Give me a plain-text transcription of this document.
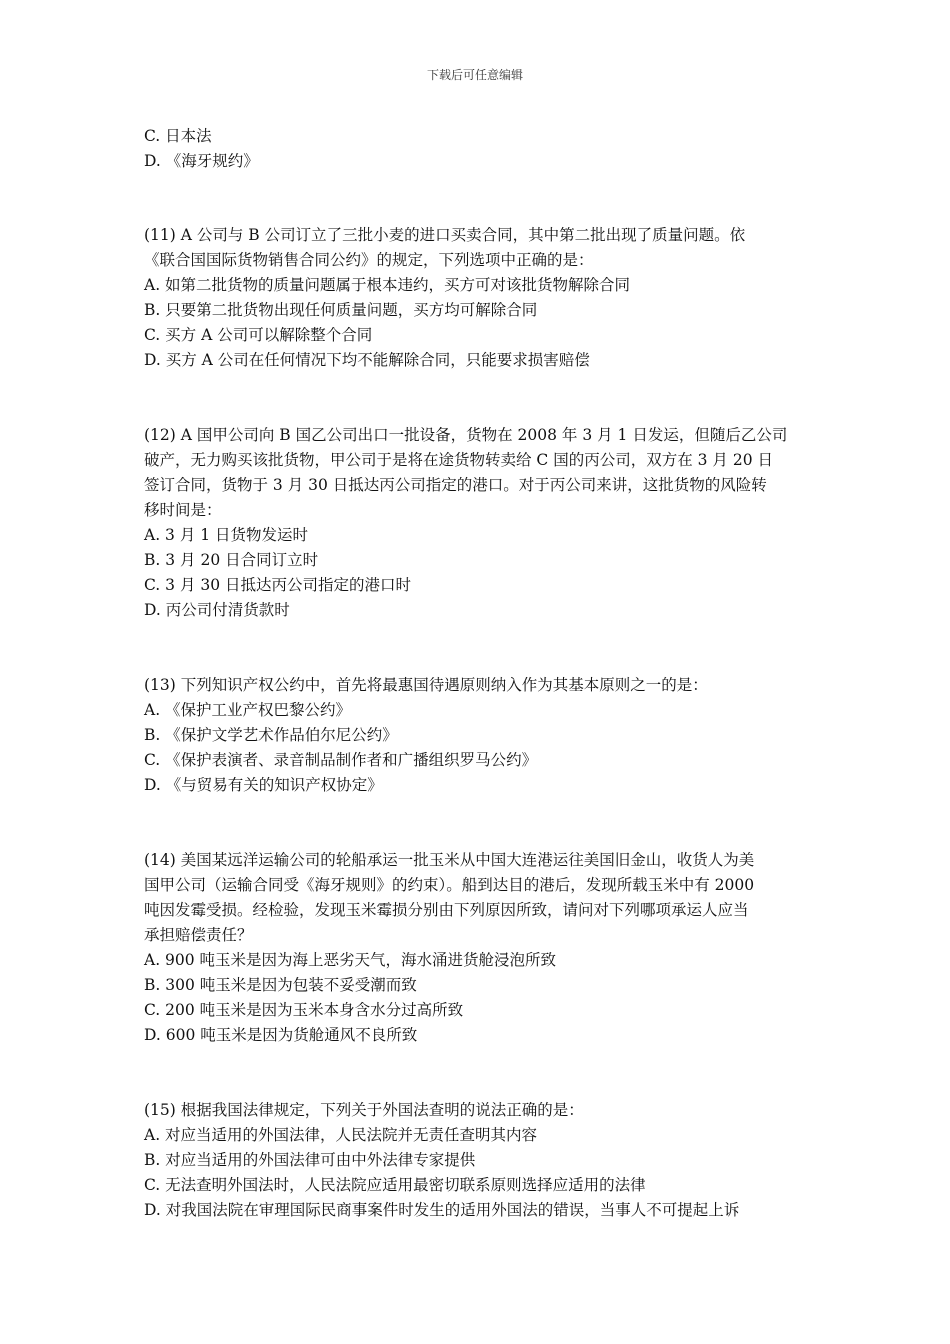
下载后可任意编辑
C. 日本法
D. 《海牙规约》
(11) A 公司与 B 公司订立了三批小麦的进口买卖合同，其中第二批出现了质量问题。依
《联合国国际货物销售合同公约》的规定，下列选项中正确的是：
A. 如第二批货物的质量问题属于根本违约，买方可对该批货物解除合同
B. 只要第二批货物出现任何质量问题，买方均可解除合同
C. 买方 A 公司可以解除整个合同
D. 买方 A 公司在任何情况下均不能解除合同，只能要求损害赔偿
(12) A 国甲公司向 B 国乙公司出口一批设备，货物在 2008 年 3 月 1 日发运，但随后乙公司
破产，无力购买该批货物，甲公司于是将在途货物转卖给 C 国的丙公司，双方在 3 月 20 日
签订合同，货物于 3 月 30 日抵达丙公司指定的港口。对于丙公司来讲，这批货物的风险转
移时间是：
A. 3 月 1 日货物发运时
B. 3 月 20 日合同订立时
C. 3 月 30 日抵达丙公司指定的港口时
D. 丙公司付清货款时
(13) 下列知识产权公约中，首先将最惠国待遇原则纳入作为其基本原则之一的是：
A. 《保护工业产权巴黎公约》
B. 《保护文学艺术作品伯尔尼公约》
C. 《保护表演者、录音制品制作者和广播组织罗马公约》
D. 《与贸易有关的知识产权协定》
(14) 美国某远洋运输公司的轮船承运一批玉米从中国大连港运往美国旧金山，收货人为美
国甲公司（运输合同受《海牙规则》的约束）。船到达目的港后，发现所载玉米中有 2000
吨因发霉受损。经检验，发现玉米霉损分别由下列原因所致，请问对下列哪项承运人应当
承担赔偿责任？
A. 900 吨玉米是因为海上恶劣天气，海水涌进货舱浸泡所致
B. 300 吨玉米是因为包装不妥受潮而致
C. 200 吨玉米是因为玉米本身含水分过高所致
D. 600 吨玉米是因为货舱通风不良所致
(15) 根据我国法律规定，下列关于外国法查明的说法正确的是：
A. 对应当适用的外国法律，人民法院并无责任查明其内容
B. 对应当适用的外国法律可由中外法律专家提供
C. 无法查明外国法时，人民法院应适用最密切联系原则选择应适用的法律
D. 对我国法院在审理国际民商事案件时发生的适用外国法的错误，当事人不可提起上诉
